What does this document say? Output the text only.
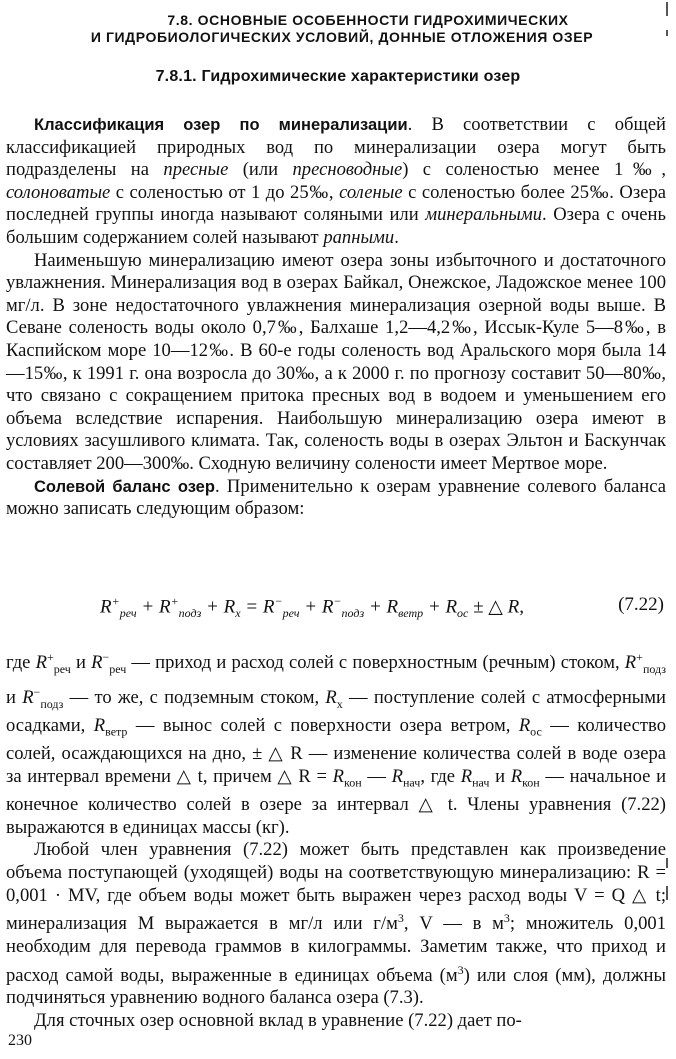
7.8. ОСНОВНЫЕ ОСОБЕННОСТИ ГИДРОХИМИЧЕСКИХ
И ГИДРОБИОЛОГИЧЕСКИХ УСЛОВИЙ, ДОННЫЕ ОТЛОЖЕНИЯ ОЗЕР
7.8.1. Гидрохимические характеристики озер

Классификация озер по минерализации. В соответствии с общей классификацией природных вод по минерализации озера могут быть подразделены на пресные (или пресноводные) с соленостью менее 1‰, солоноватые с соленостью от 1 до 25‰, соленые с соленостью более 25‰. Озера последней группы иногда называют соляными или минеральными. Озера с очень большим содержанием солей называют рапными.

Наименьшую минерализацию имеют озера зоны избыточного и достаточного увлажнения. Минерализация вод в озерах Байкал, Онежское, Ладожское менее 100 мг/л. В зоне недостаточного увлажнения минерализация озерной воды выше. В Севане соленость воды около 0,7‰, Балхаше 1,2—4,2‰, Иссык-Куле 5—8‰, в Каспийском море 10—12‰. В 60-е годы соленость вод Аральского моря была 14—15‰, к 1991 г. она возросла до 30‰, а к 2000 г. по прогнозу составит 50—80‰, что связано с сокращением притока пресных вод в водоем и уменьшением его объема вследствие испарения. Наибольшую минерализацию озера имеют в условиях засушливого климата. Так, соленость воды в озерах Эльтон и Баскунчак составляет 200—300‰. Сходную величину солености имеет Мертвое море.

Солевой баланс озер. Применительно к озерам уравнение солевого баланса можно записать следующим образом:

$R^+_{реч} + R^+_{подз} + R_x = R^-_{реч} + R^-_{подз} + R_{ветр} + R_{ос}$ ± △ R,	(7.22)

где $R^+_{реч}$ и $R^-_{реч}$ — приход и расход солей с поверхностным (речным) стоком, $R^+_{подз}$ и $R^-_{подз}$ — то же, с подземным стоком, $R_x$ — поступление солей с атмосферными осадками, $R_{ветр}$ — вынос солей с поверхности озера ветром, $R_{ос}$ — количество солей, осаждающихся на дно, ± △ R — изменение количества солей в воде озера за интервал времени △ t, причем △ $R = R_{кон}$ — $R_{нач}$, где $R_{нач}$ и $R_{кон}$ — начальное и конечное количество солей в озере за интервал △ t. Члены уравнения (7.22) выражаются в единицах массы (кг).

Любой член уравнения (7.22) может быть представлен как произведение объема поступающей (уходящей) воды на соответствующую минерализацию: R = 0,001 · MV, где объем воды может быть выражен через расход воды V = Q △ t; минерализация M выражается в мг/л или $г/м^3$, V — в $м^3$; множитель 0,001 необходим для перевода граммов в килограммы. Заметим также, что приход и расход самой воды, выраженные в единицах объема $(м^3)$ или слоя (мм), должны подчиняться уравнению водного баланса озера (7.3).

Для сточных озер основной вклад в уравнение (7.22) дает по-

230
